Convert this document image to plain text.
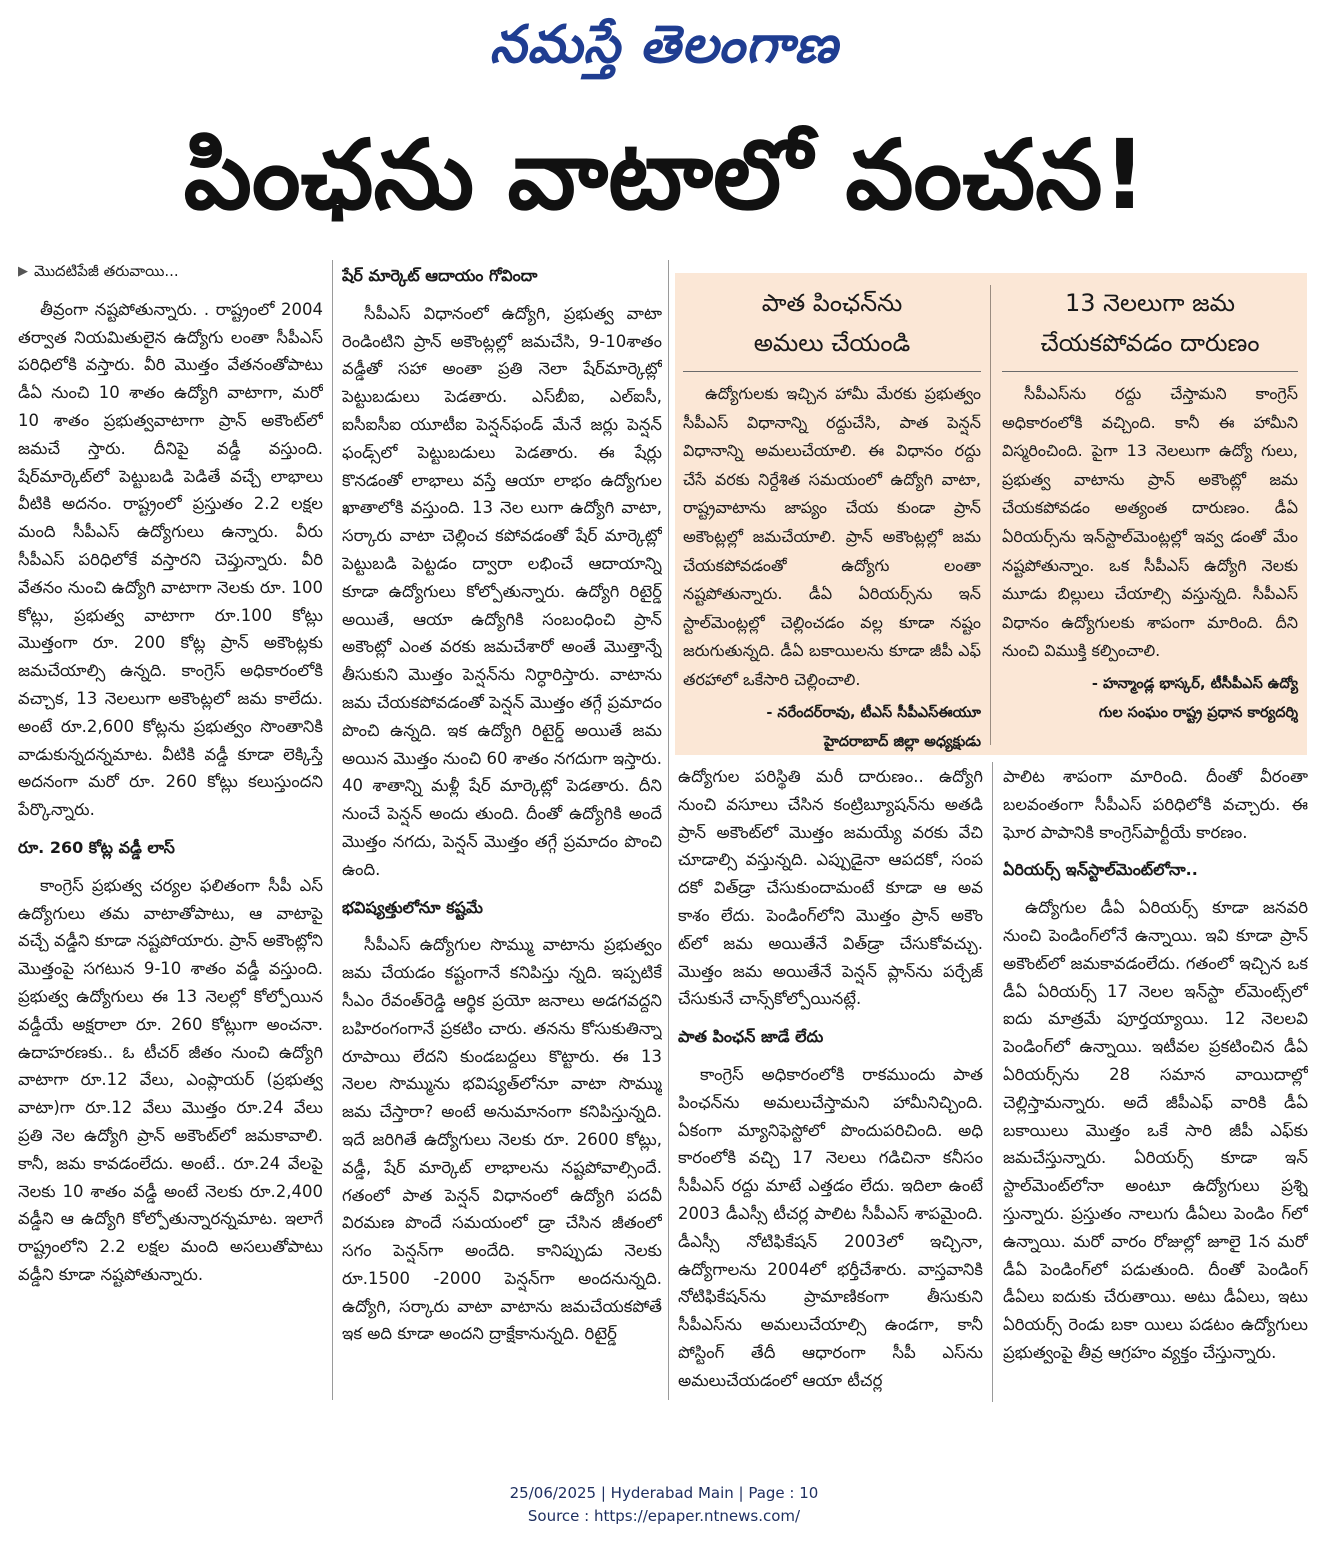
నమస్తే తెలంగాణ
పింఛను వాటాలో వంచన!
▶ మొదటిపేజీ తరువాయి...

తీవ్రంగా నష్టపోతున్నారు. . రాష్ట్రంలో 2004 తర్వాత నియమితులైన ఉద్యోగు లంతా సీపీఎస్ పరిధిలోకి వస్తారు. వీరి మొత్తం వేతనంతోపాటు డీఏ నుంచి 10 శాతం ఉద్యోగి వాటాగా, మరో 10 శాతం ప్రభుత్వవాటాగా ప్రాన్ అకౌంట్‌లో జమచే స్తారు. దీనిపై వడ్డీ వస్తుంది. షేర్‌మార్కెట్‌లో పెట్టుబడి పెడితే వచ్చే లాభాలు వీటికి అదనం. రాష్ట్రంలో ప్రస్తుతం 2.2 లక్షల మంది సీపీఎస్ ఉద్యోగులు ఉన్నారు. వీరు సీపీఎస్ పరిధిలోకే వస్తారని చెప్తున్నారు. వీరి వేతనం నుంచి ఉద్యోగి వాటాగా నెలకు రూ. 100 కోట్లు, ప్రభుత్వ వాటాగా రూ.100 కోట్లు మొత్తంగా రూ. 200 కోట్ల ప్రాన్ అకౌంట్లకు జమచేయాల్సి ఉన్నది. కాంగ్రెస్ అధికారంలోకి వచ్చాక, 13 నెలలుగా అకౌంట్లలో జమ కాలేదు. అంటే రూ.2,600 కోట్లను ప్రభుత్వం సొంతానికి వాడుకున్నదన్నమాట. వీటికి వడ్డీ కూడా లెక్కిస్తే అదనంగా మరో రూ. 260 కోట్లు కలుస్తుందని పేర్కొన్నారు.

రూ. 260 కోట్ల వడ్డీ లాస్

కాంగ్రెస్ ప్రభుత్వ చర్యల ఫలితంగా సీపీ ఎస్ ఉద్యోగులు తమ వాటాతోపాటు, ఆ వాటాపై వచ్చే వడ్డీని కూడా నష్టపోయారు. ప్రాన్ అకౌంట్లోని మొత్తంపై సగటున 9-10 శాతం వడ్డీ వస్తుంది. ప్రభుత్వ ఉద్యోగులు ఈ 13 నెలల్లో కోల్పోయిన వడ్డీయే అక్షరాలా రూ. 260 కోట్లుగా అంచనా. ఉదాహరణకు.. ఓ టీచర్ జీతం నుంచి ఉద్యోగి వాటాగా రూ.12 వేలు, ఎంప్లాయర్ (ప్రభుత్వ వాటా)గా రూ.12 వేలు మొత్తం రూ.24 వేలు ప్రతి నెల ఉద్యోగి ప్రాన్ అకౌంట్‌లో జమకావాలి. కానీ, జమ కావడంలేదు. అంటే.. రూ.24 వేలపై నెలకు 10 శాతం వడ్డీ అంటే నెలకు రూ.2,400 వడ్డీని ఆ ఉద్యోగి కోల్పోతున్నారన్నమాట. ఇలాగే రాష్ట్రంలోని 2.2 లక్షల మంది అసలుతోపాటు వడ్డీని కూడా నష్టపోతున్నారు.

షేర్ మార్కెట్ ఆదాయం గోవిందా

సీపీఎస్ విధానంలో ఉద్యోగి, ప్రభుత్వ వాటా రెండింటిని ప్రాన్ అకౌంట్లల్లో జమచేసి, 9-10శాతం వడ్డీతో సహా అంతా ప్రతి నెలా షేర్‌మార్కెట్లో పెట్టుబడులు పెడతారు. ఎస్‌బీఐ, ఎల్ఐసీ, ఐసీఐసీఐ యూటీఐ పెన్షన్‌ఫండ్ మేనే జర్లు పెన్షన్ ఫండ్స్‌లో పెట్టుబడులు పెడతారు. ఈ షేర్లు కొనడంతో లాభాలు వస్తే ఆయా లాభం ఉద్యోగుల ఖాతాలోకి వస్తుంది. 13 నెల లుగా ఉద్యోగి వాటా, సర్కారు వాటా చెల్లించ కపోవడంతో షేర్ మార్కెట్లో పెట్టుబడి పెట్టడం ద్వారా లభించే ఆదాయాన్ని కూడా ఉద్యోగులు కోల్పోతున్నారు. ఉద్యోగి రిటైర్డ్ అయితే, ఆయా ఉద్యోగికి సంబంధించి ప్రాన్ అకౌంట్లో ఎంత వరకు జమచేశారో అంతే మొత్తాన్నే తీసుకుని మొత్తం పెన్షన్‌ను నిర్ధారిస్తారు. వాటాను జమ చేయకపోవడంతో పెన్షన్ మొత్తం తగ్గే ప్రమాదం పొంచి ఉన్నది. ఇక ఉద్యోగి రిటైర్డ్ అయితే జమ అయిన మొత్తం నుంచి 60 శాతం నగదుగా ఇస్తారు. 40 శాతాన్ని మళ్లీ షేర్ మార్కెట్లో పెడతారు. దీని నుంచే పెన్షన్ అందు తుంది. దీంతో ఉద్యోగికి అందే మొత్తం నగదు, పెన్షన్ మొత్తం తగ్గే ప్రమాదం పొంచి ఉంది.

భవిష్యత్తులోనూ కష్టమే

సీపీఎస్ ఉద్యోగుల సొమ్ము వాటాను ప్రభుత్వం జమ చేయడం కష్టంగానే కనిపిస్తు న్నది. ఇప్పటికే సీఎం రేవంత్‌రెడ్డి ఆర్థిక ప్రయో జనాలు అడగవద్దని బహిరంగంగానే ప్రకటిం చారు. తనను కోసుకుతిన్నా రూపాయి లేదని కుండబద్దలు కొట్టారు. ఈ 13 నెలల సొమ్మును భవిష్యత్‌లోనూ వాటా సొమ్ము జమ చేస్తారా? అంటే అనుమానంగా కనిపిస్తున్నది. ఇదే జరిగితే ఉద్యోగులు నెలకు రూ. 2600 కోట్లు, వడ్డీ, షేర్ మార్కెట్ లాభాలను నష్టపోవాల్సిందే. గతంలో పాత పెన్షన్ విధానంలో ఉద్యోగి పదవీ విరమణ పొందే సమయంలో డ్రా చేసిన జీతంలో సగం పెన్షన్‌గా అందేది. కానిప్పుడు నెలకు రూ.1500 -2000 పెన్షన్‌గా అందనున్నది. ఉద్యోగి, సర్కారు వాటా వాటాను జమచేయకపోతే ఇక అది కూడా అందని ద్రాక్షేకానున్నది. రిటైర్డ్

పాత పింఛన్‌ను అమలు చేయండి

ఉద్యోగులకు ఇచ్చిన హామీ మేరకు ప్రభుత్వం సీపీఎస్ విధానాన్ని రద్దుచేసి, పాత పెన్షన్ విధానాన్ని అమలుచేయాలి. ఈ విధానం రద్దు చేసే వరకు నిర్దేశిత సమయంలో ఉద్యోగి వాటా, రాష్ట్రవాటాను జాప్యం చేయ కుండా ప్రాన్ అకౌంట్లల్లో జమచేయాలి. ప్రాన్ అకౌంట్లల్లో జమ చేయకపోవడంతో ఉద్యోగు లంతా నష్టపోతున్నారు. డీఏ ఏరియర్స్‌ను ఇన్ స్టాల్‌మెంట్లల్లో చెల్లించడం వల్ల కూడా నష్టం జరుగుతున్నది. డీఏ బకాయిలను కూడా జీపీ ఎఫ్ తరహాలో ఒకేసారి చెల్లించాలి.

- నరేందర్‌రావు, టీఎస్ సీపీఎస్‌ఈయూ
హైదరాబాద్ జిల్లా అధ్యక్షుడు
13 నెలలుగా జమ చేయకపోవడం దారుణం

సీపీఎస్‌ను రద్దు చేస్తామని కాంగ్రెస్ అధికారంలోకి వచ్చింది. కానీ ఈ హామీని విస్మరించింది. పైగా 13 నెలలుగా ఉద్యో గులు, ప్రభుత్వ వాటాను ప్రాన్ అకౌంట్లో జమ చేయకపోవడం అత్యంత దారుణం. డీఏ ఏరియర్స్‌ను ఇన్‌స్టాల్‌మెంట్లల్లో ఇవ్వ డంతో మేం నష్టపోతున్నాం. ఒక సీపీఎస్ ఉద్యోగి నెలకు మూడు బిల్లులు చేయాల్సి వస్తున్నది. సీపీఎస్ విధానం ఉద్యోగులకు శాపంగా మారింది. దీని నుంచి విముక్తి కల్పించాలి.

- హన్మాండ్ల భాస్కర్, టీసీపీఎస్ ఉద్యో
గుల సంఘం రాష్ట్ర ప్రధాన కార్యదర్శి

ఉద్యోగుల పరిస్థితి మరీ దారుణం.. ఉద్యోగి నుంచి వసూలు చేసిన కంట్రిబ్యూషన్‌ను అతడి ప్రాన్ అకౌంట్‌లో మొత్తం జమయ్యే వరకు వేచి చూడాల్సి వస్తున్నది. ఎప్పుడైనా ఆపదకో, సంప దకో విత్‌డ్రా చేసుకుందామంటే కూడా ఆ అవ కాశం లేదు. పెండింగ్‌లోని మొత్తం ప్రాన్ అకౌం ట్‌లో జమ అయితేనే విత్‌డ్రా చేసుకోవచ్చు. మొత్తం జమ అయితేనే పెన్షన్ ప్లాన్‌ను పర్చేజ్ చేసుకునే చాన్స్‌కోల్పోయినట్లే.

పాత పింఛన్ జాడే లేదు

కాంగ్రెస్ అధికారంలోకి రాకముందు పాత పింఛన్‌ను అమలుచేస్తామని హామీనిచ్చింది. ఏకంగా మ్యానిఫెస్టోలో పొందుపరిచింది. అధి కారంలోకి వచ్చి 17 నెలలు గడిచినా కనీసం సీపీఎస్ రద్దు మాటే ఎత్తడం లేదు. ఇదిలా ఉంటే 2003 డీఎస్సీ టీచర్ల పాలిట సీపీఎస్ శాపమైంది. డీఎస్సీ నోటిఫికేషన్ 2003లో ఇచ్చినా, ఉద్యోగాలను 2004లో భర్తీచేశారు. వాస్తవానికి నోటిఫికేషన్‌ను ప్రామాణికంగా తీసుకుని సీపీఎస్‌ను అమలుచేయాల్సి ఉండగా, కానీ పోస్టింగ్ తేదీ ఆధారంగా సీపీ ఎస్‌ను అమలుచేయడంలో ఆయా టీచర్ల

పాలిట శాపంగా మారింది. దీంతో వీరంతా బలవంతంగా సీపీఎస్ పరిధిలోకి వచ్చారు. ఈ ఘోర పాపానికి కాంగ్రెస్‌పార్టీయే కారణం.

ఏరియర్స్ ఇన్‌స్టాల్‌మెంట్‌లోనా..

ఉద్యోగుల డీఏ ఏరియర్స్ కూడా జనవరి నుంచి పెండింగ్‌లోనే ఉన్నాయి. ఇవి కూడా ప్రాన్ అకౌంట్‌లో జమకావడంలేదు. గతంలో ఇచ్చిన ఒక డీఏ ఏరియర్స్ 17 నెలల ఇన్‌స్టా ల్‌మెంట్స్‌లో ఐదు మాత్రమే పూర్తయ్యాయి. 12 నెలలవి పెండింగ్‌లో ఉన్నాయి. ఇటీవల ప్రకటించిన డీఏ ఏరియర్స్‌ను 28 సమాన వాయిదాల్లో చెల్లిస్తామన్నారు. అదే జీపీఎఫ్ వారికి డీఏ బకాయిలు మొత్తం ఒకే సారి జీపీ ఎఫ్‌కు జమచేస్తున్నారు. ఏరియర్స్ కూడా ఇన్ స్టాల్‌మెంట్‌లోనా అంటూ ఉద్యోగులు ప్రశ్ని స్తున్నారు. ప్రస్తుతం నాలుగు డీఏలు పెండిం గ్‌లో ఉన్నాయి. మరో వారం రోజుల్లో జూలై 1న మరో డీఏ పెండింగ్‌లో పడుతుంది. దీంతో పెండింగ్ డీఏలు ఐదుకు చేరుతాయి. అటు డీఏలు, ఇటు ఏరియర్స్ రెండు బకా యిలు పడటం ఉద్యోగులు ప్రభుత్వంపై తీవ్ర ఆగ్రహం వ్యక్తం చేస్తున్నారు.

25/06/2025 | Hyderabad Main | Page : 10
Source : https://epaper.ntnews.com/
